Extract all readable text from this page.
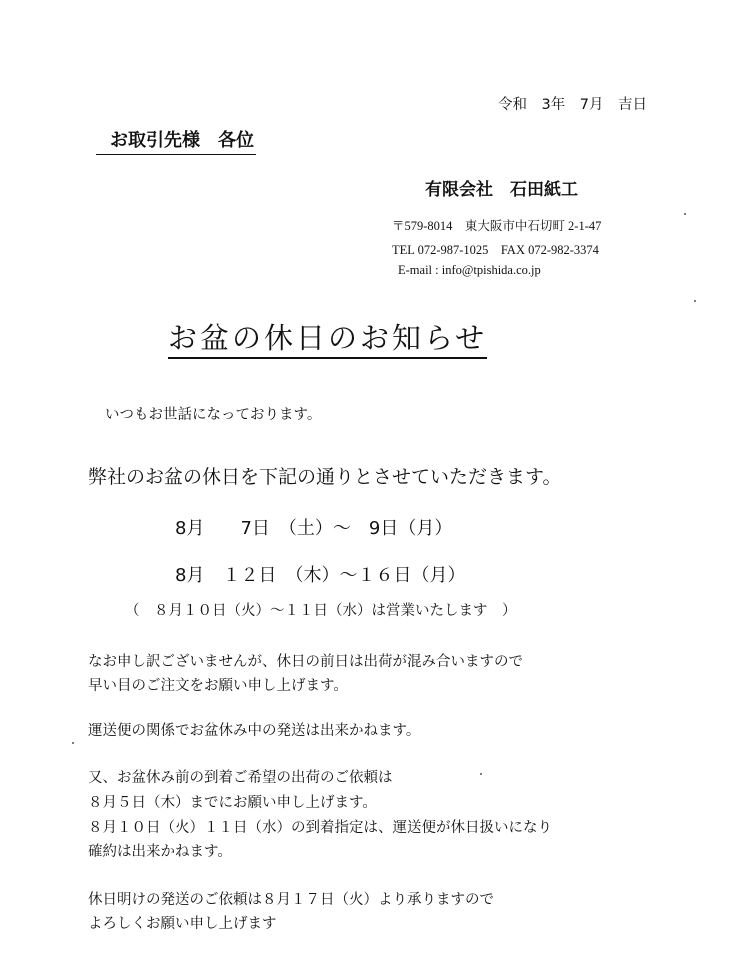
令和　3年　7月　吉日
お取引先様　各位
有限会社　石田紙工
〒579-8014　東大阪市中石切町 2-1-47
TEL 072-987-1025　FAX 072-982-3374
E-mail : info@tpishida.co.jp
お盆の休日のお知らせ
いつもお世話になっております。
弊社のお盆の休日を下記の通りとさせていただきます。
8月　　7日　（土）～　9日（月）
8月　１２日　（木）～１６日（月）
（　８月１０日（火）～１１日（水）は営業いたします　）
なお申し訳ございませんが、休日の前日は出荷が混み合いますので
早い目のご注文をお願い申し上げます。
運送便の関係でお盆休み中の発送は出来かねます。
又、お盆休み前の到着ご希望の出荷のご依頼は
８月５日（木）までにお願い申し上げます。
８月１０日（火）１１日（水）の到着指定は、運送便が休日扱いになり
確約は出来かねます。
休日明けの発送のご依頼は８月１７日（火）より承りますので
よろしくお願い申し上げます
